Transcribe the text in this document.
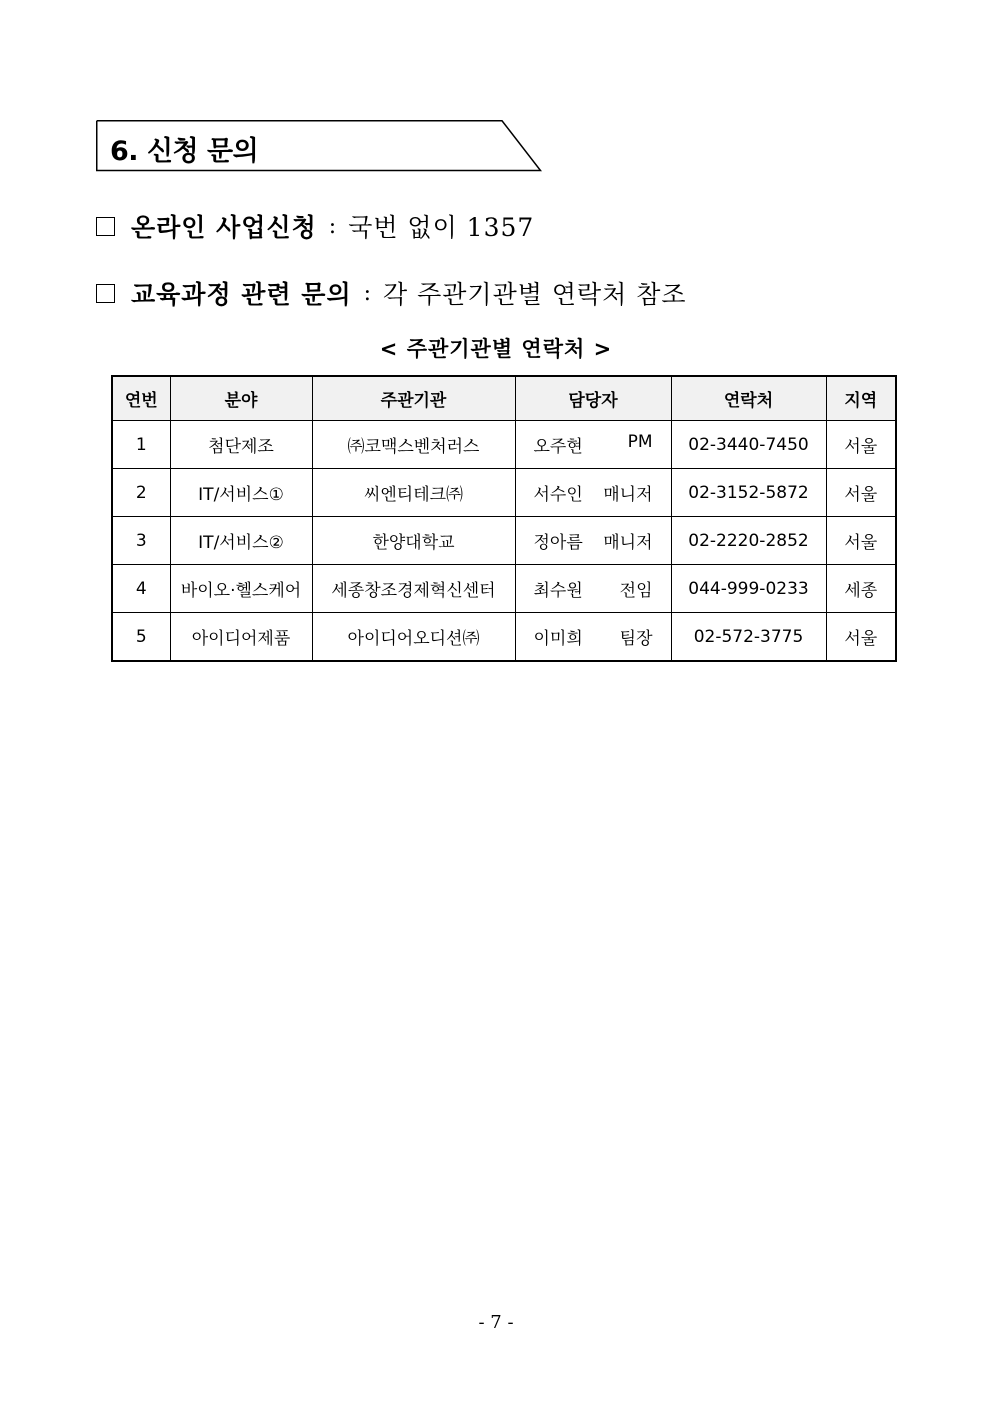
6. 신청 문의
온라인 사업신청 : 국번 없이 1357
교육과정 관련 문의 : 각 주관기관별 연락처 참조
< 주관기관별 연락처 >
연번	분야	주관기관	담당자	연락처	지역
1	첨단제조	㈜코맥스벤처러스	오주현 PM	02-3440-7450	서울
2	IT/서비스①	씨엔티테크㈜	서수인 매니저	02-3152-5872	서울
3	IT/서비스②	한양대학교	정아름 매니저	02-2220-2852	서울
4	바이오·헬스케어	세종창조경제혁신센터	최수원 전임	044-999-0233	세종
5	아이디어제품	아이디어오디션㈜	이미희 팀장	02-572-3775	서울
- 7 -
